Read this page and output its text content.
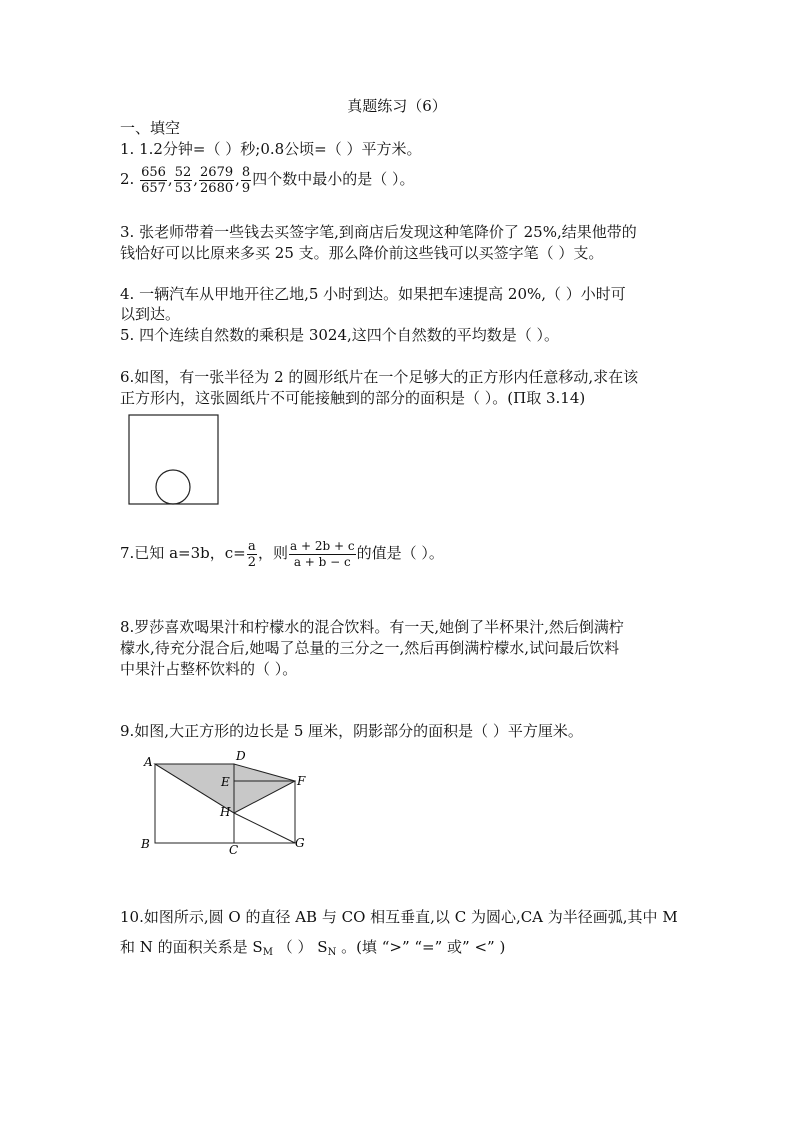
真题练习（6）
一、填空
1. 1.2分钟=（ ）秒;0.8公顷=（ ）平方米。
2. $\frac{656}{657}$ , $\frac{52}{53}$ , $\frac{2679}{2680}$ , $\frac{8}{9}$ 四个数中最小的是（ ）。
3. 张老师带着一些钱去买签字笔,到商店后发现这种笔降价了 25%,结果他带的
钱恰好可以比原来多买 25 支。那么降价前这些钱可以买签字笔（ ）支。
4. 一辆汽车从甲地开往乙地,5 小时到达。如果把车速提高 20%,（ ）小时可
以到达。
5. 四个连续自然数的乘积是 3024,这四个自然数的平均数是（ ）。
6.如图，有一张半径为 2 的圆形纸片在一个足够大的正方形内任意移动,求在该
正方形内，这张圆纸片不可能接触到的部分的面积是（ ）。(П取 3.14)
7.已知 a=3b，$c= \frac{a}{2}$ ，则 $\frac{a + 2b + c}{a + b - c}$ 的值是（ ）。
8.罗莎喜欢喝果汁和柠檬水的混合饮料。有一天,她倒了半杯果汁,然后倒满柠
檬水,待充分混合后,她喝了总量的三分之一,然后再倒满柠檬水,试问最后饮料
中果汁占整杯饮料的（ ）。
9.如图,大正方形的边长是 5 厘米，阴影部分的面积是（ ）平方厘米。
A
B	C
D
E	F
G
H
10.如图所示,圆 O 的直径 AB 与 CO 相互垂直,以 C 为圆心,CA 为半径画弧,其中 M
和 N 的面积关系是 $S_M$ （ ） $S_N$ 。(填 “>” “=” 或” <” )
